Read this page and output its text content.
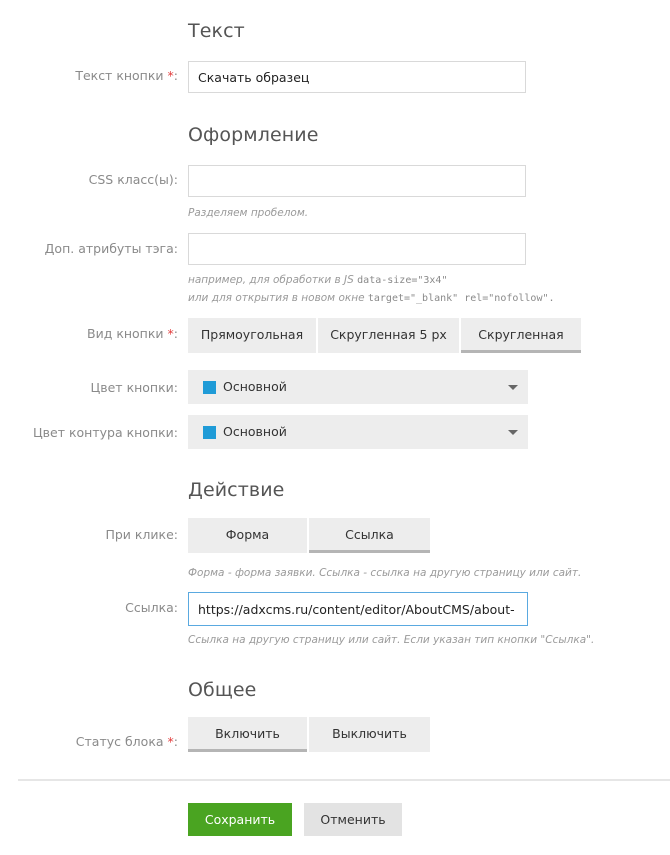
Текст
Текст кнопки *:
Скачать образец
Оформление
CSS класс(ы):
Разделяем пробелом.
Доп. атрибуты тэга:
например, для обработки в JS data-size="3x4"
или для открытия в новом окне target="_blank" rel="nofollow".
Вид кнопки *:	Прямоугольная	Скругленная 5 px	Скругленная
Цвет кнопки:	Основной
Цвет контура кнопки:	Основной
Действие
При клике:	Форма	Ссылка
Форма - форма заявки. Ссылка - ссылка на другую страницу или сайт.
Ссылка:
https://adxcms.ru/content/editor/AboutCMS/about-
Ссылка на другую страницу или сайт. Если указан тип кнопки "Ссылка".
Общее
Статус блока *:
Включить	Выключить
Сохранить	Отменить
